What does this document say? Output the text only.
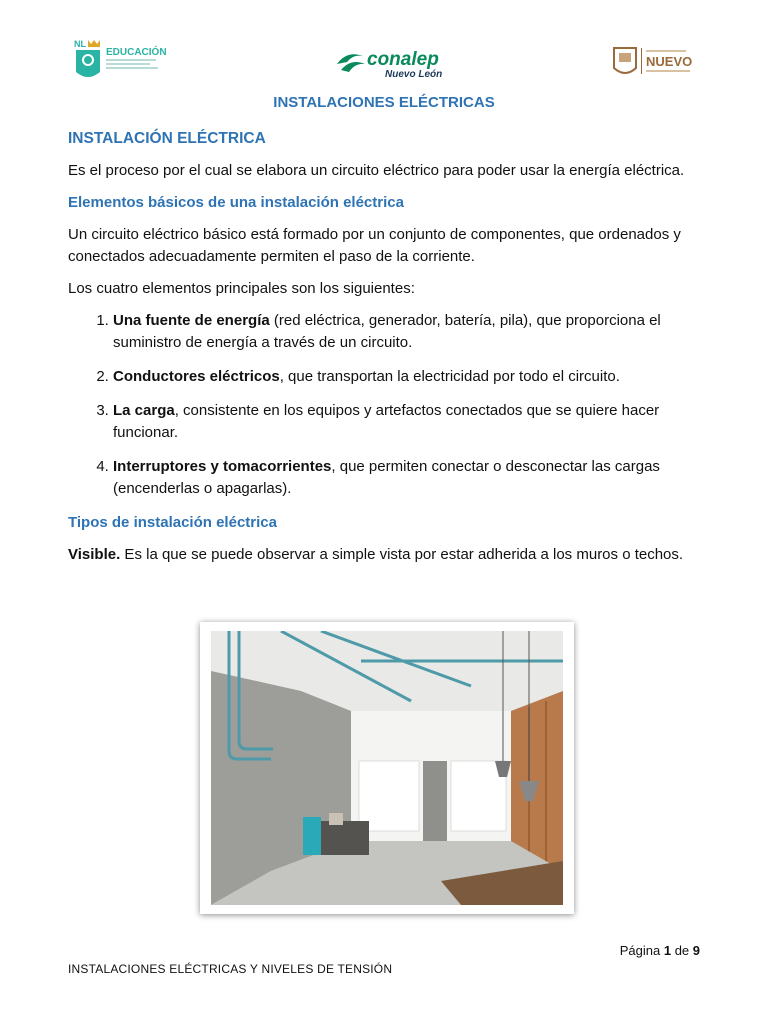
NL
EDUCACIÓN	conalep
Nuevo León
NUEVO
INSTALACIONES ELÉCTRICAS
INSTALACIÓN ELÉCTRICA

Es el proceso por el cual se elabora un circuito eléctrico para poder usar la energía eléctrica.

Elementos básicos de una instalación eléctrica

Un circuito eléctrico básico está formado por un conjunto de componentes, que ordenados y conectados adecuadamente permiten el paso de la corriente.

Los cuatro elementos principales son los siguientes:

1. Una fuente de energía (red eléctrica, generador, batería, pila), que proporciona el suministro de energía a través de un circuito.
2. Conductores eléctricos, que transportan la electricidad por todo el circuito.
3. La carga, consistente en los equipos y artefactos conectados que se quiere hacer funcionar.
4. Interruptores y tomacorrientes, que permiten conectar o desconectar las cargas (encenderlas o apagarlas).
Tipos de instalación eléctrica

Visible. Es la que se puede observar a simple vista por estar adherida a los muros o techos.

Página 1 de 9
INSTALACIONES ELÉCTRICAS Y NIVELES DE TENSIÓN
